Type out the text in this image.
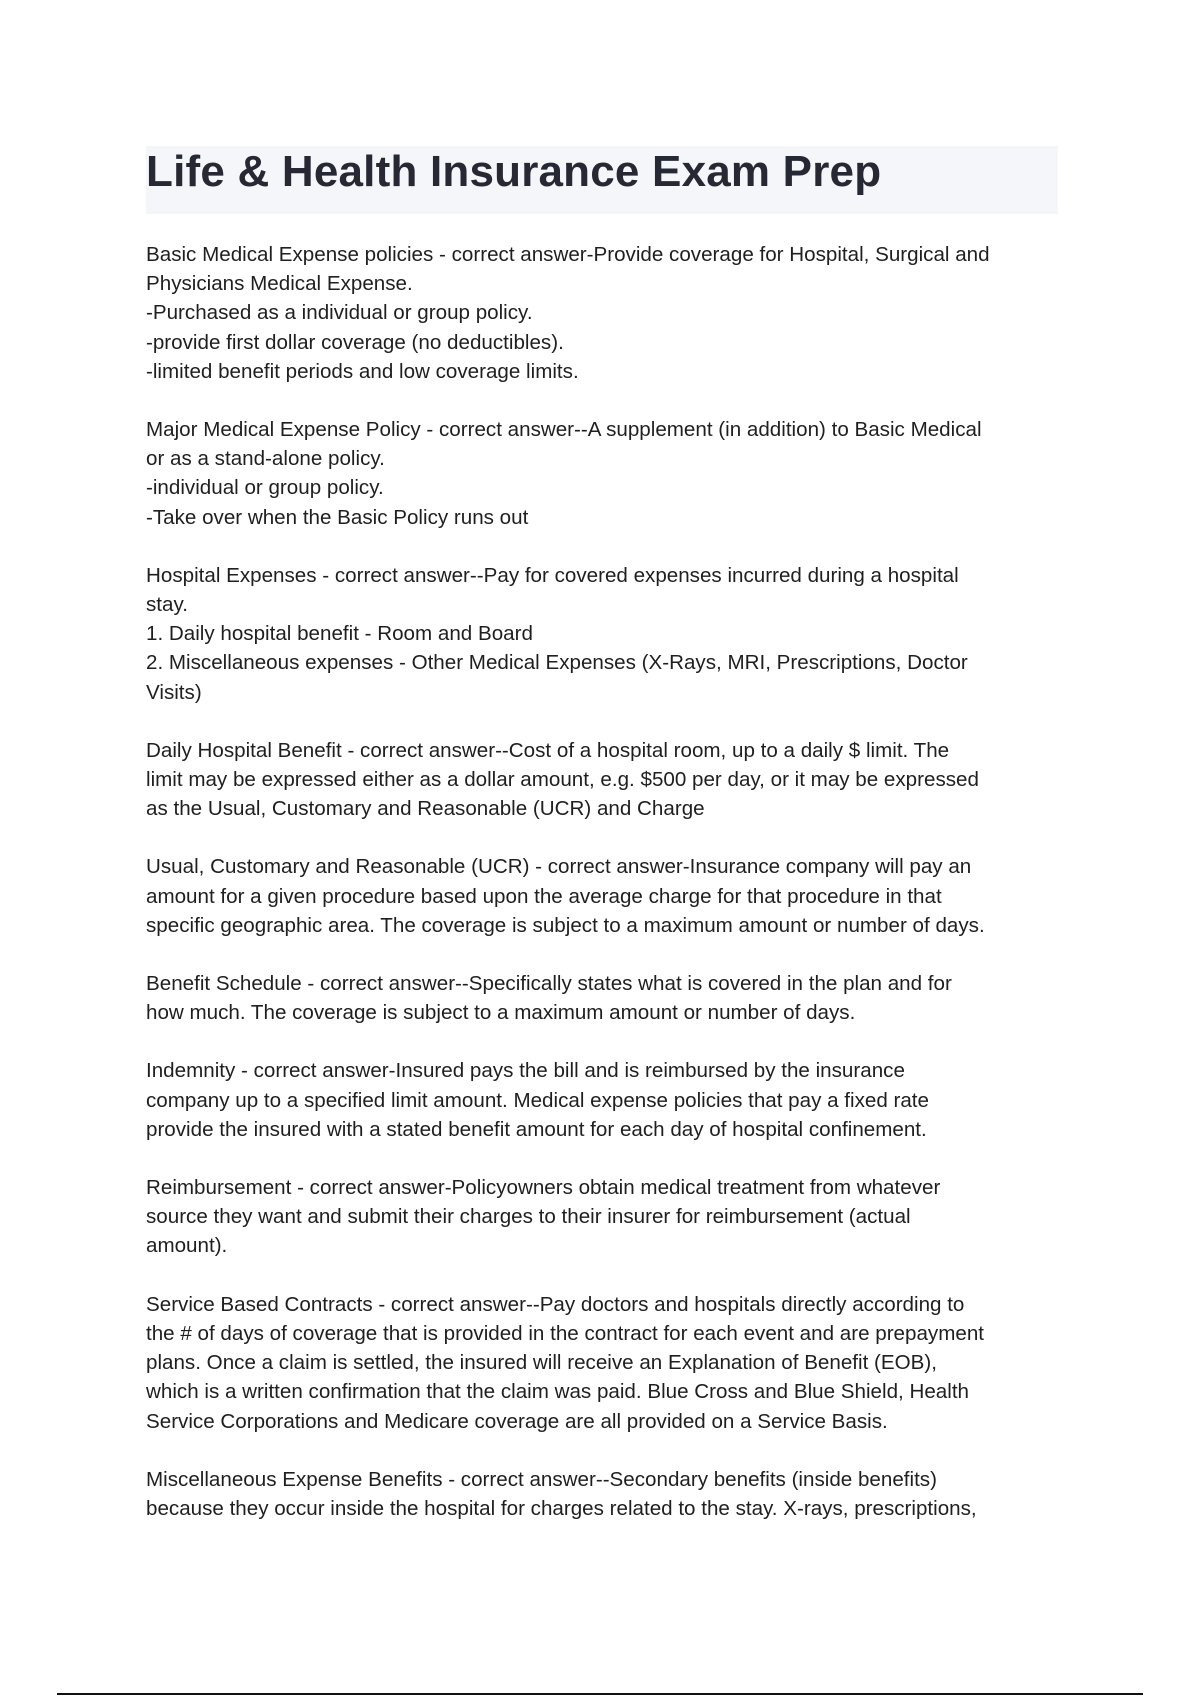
Life & Health Insurance Exam Prep
Basic Medical Expense policies - correct answer-Provide coverage for Hospital, Surgical and
Physicians Medical Expense.
-Purchased as a individual or group policy.
-provide first dollar coverage (no deductibles).
-limited benefit periods and low coverage limits.
Major Medical Expense Policy - correct answer--A supplement (in addition) to Basic Medical
or as a stand-alone policy.
-individual or group policy.
-Take over when the Basic Policy runs out
Hospital Expenses - correct answer--Pay for covered expenses incurred during a hospital
stay.
1. Daily hospital benefit - Room and Board
2. Miscellaneous expenses - Other Medical Expenses (X-Rays, MRI, Prescriptions, Doctor
Visits)
Daily Hospital Benefit - correct answer--Cost of a hospital room, up to a daily $ limit. The
limit may be expressed either as a dollar amount, e.g. $500 per day, or it may be expressed
as the Usual, Customary and Reasonable (UCR) and Charge
Usual, Customary and Reasonable (UCR) - correct answer-Insurance company will pay an
amount for a given procedure based upon the average charge for that procedure in that
specific geographic area. The coverage is subject to a maximum amount or number of days.
Benefit Schedule - correct answer--Specifically states what is covered in the plan and for
how much. The coverage is subject to a maximum amount or number of days.
Indemnity - correct answer-Insured pays the bill and is reimbursed by the insurance
company up to a specified limit amount. Medical expense policies that pay a fixed rate
provide the insured with a stated benefit amount for each day of hospital confinement.
Reimbursement - correct answer-Policyowners obtain medical treatment from whatever
source they want and submit their charges to their insurer for reimbursement (actual
amount).
Service Based Contracts - correct answer--Pay doctors and hospitals directly according to
the # of days of coverage that is provided in the contract for each event and are prepayment
plans. Once a claim is settled, the insured will receive an Explanation of Benefit (EOB),
which is a written confirmation that the claim was paid. Blue Cross and Blue Shield, Health
Service Corporations and Medicare coverage are all provided on a Service Basis.
Miscellaneous Expense Benefits - correct answer--Secondary benefits (inside benefits)
because they occur inside the hospital for charges related to the stay. X-rays, prescriptions,
